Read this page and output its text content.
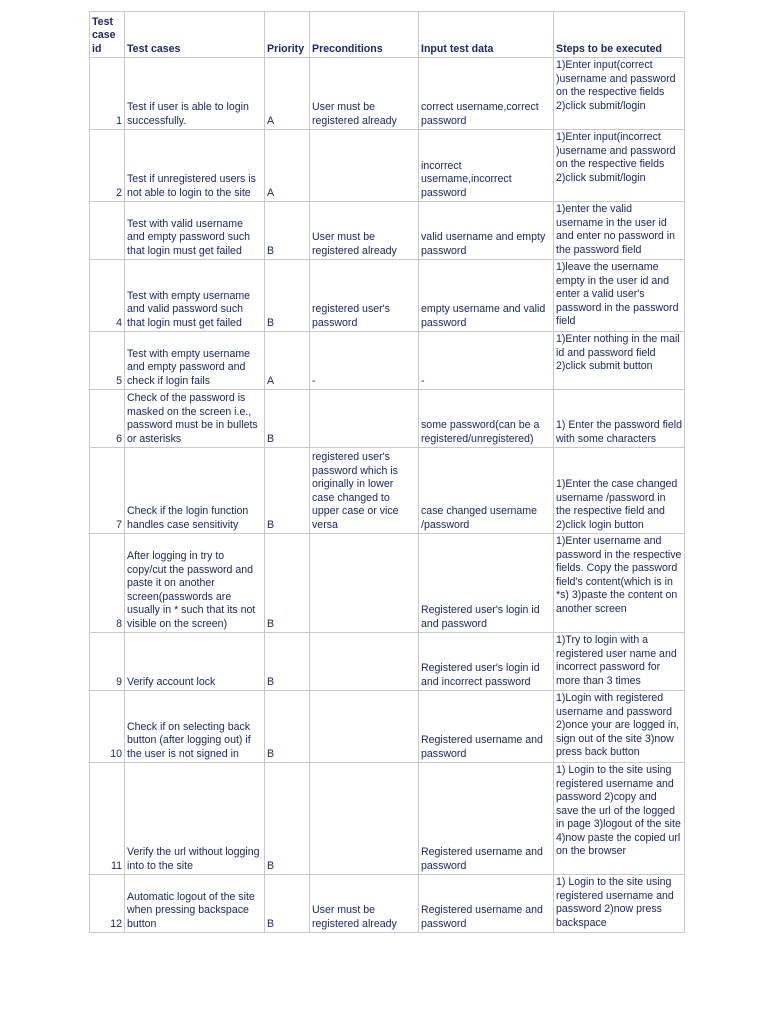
Test case id	Test cases	Priority	Preconditions	Input test data	Steps to be executed
1	Test if user is able to login successfully.	A	User must be registered already	correct username,correct password	1)Enter input(correct )username and password on the respective fields 2)click submit/login
2	Test if unregistered users is not able to login to the site	A		incorrect username,incorrect password	1)Enter input(incorrect )username and password on the respective fields 2)click submit/login
	Test with valid username and empty password such that login must get failed	B	User must be registered already	valid username and empty password	1)enter the valid username in the user id and enter no password in the password field
4	Test with empty username and valid password such that login must get failed	B	registered user's password	empty username and valid password	1)leave the username empty in the user id and enter a valid user's password in the password field
5	Test with empty username and empty password and check if login fails	A	-	-	1)Enter nothing in the mail id and password field 2)click submit button
6	Check of the password is masked on the screen i.e., password must be in bullets or asterisks	B		some password(can be a registered/unregistered)	1) Enter the password field with some characters
7	Check if the login function handles case sensitivity	B	registered user's password which is originally in lower case changed to upper case or vice versa	case changed username /password	1)Enter the case changed username /password in the respective field and 2)click login button
8	After logging in try to copy/cut the password and paste it on another screen(passwords are usually in * such that its not visible on the screen)	B		Registered user's login id and password	1)Enter username and password in the respective fields. Copy the password field's content(which is in *s) 3)paste the content on another screen
9	Verify account lock	B		Registered user's login id and incorrect password	1)Try to login with a registered user name and incorrect password for more than 3 times
10	Check if on selecting back button (after logging out) if the user is not signed in	B		Registered username and password	1)Login with registered username and password 2)once your are logged in, sign out of the site 3)now press back button
11	Verify the url without logging into to the site	B		Registered username and password	1) Login to the site using registered username and password 2)copy and save the url of the logged in page 3)logout of the site 4)now paste the copied url on the browser
12	Automatic logout of the site when pressing backspace button	B	User must be registered already	Registered username and password	1) Login to the site using registered username and password 2)now press backspace
